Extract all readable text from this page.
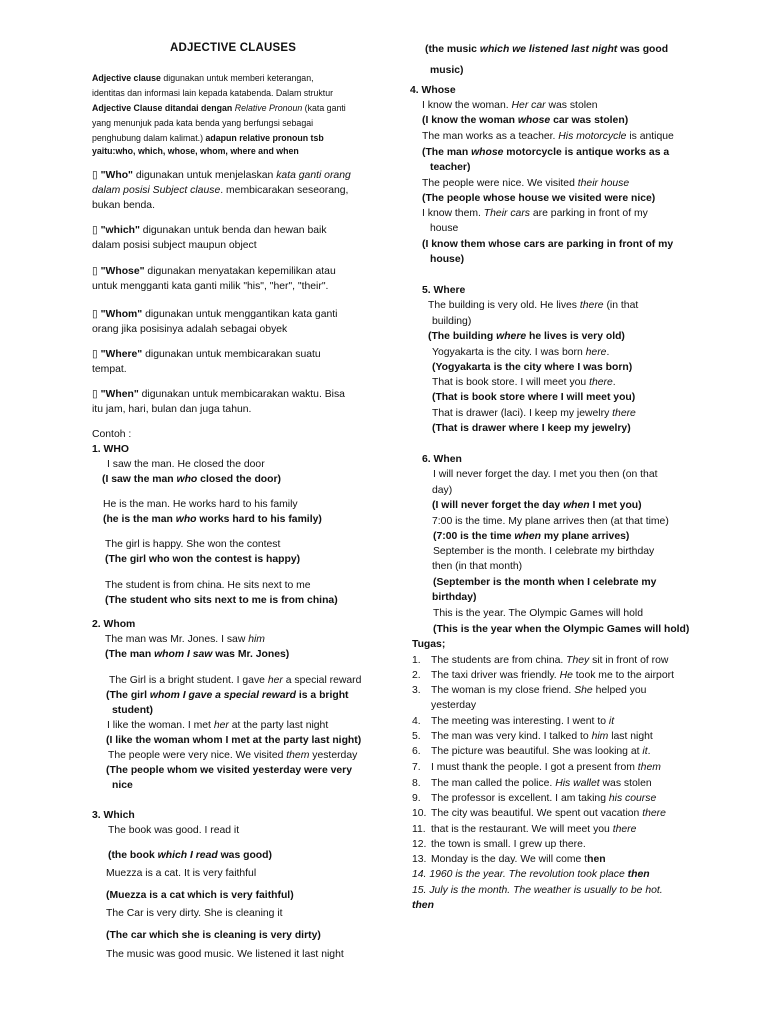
ADJECTIVE CLAUSES
Adjective clause digunakan untuk memberi keterangan,
identitas dan informasi lain kepada katabenda. Dalam struktur
Adjective Clause ditandai dengan Relative Pronoun (kata ganti
yang menunjuk pada kata benda yang berfungsi sebagai
penghubung dalam kalimat.) adapun relative pronoun tsb
yaitu:who, which, whose, whom, where and when
▯ "Who" digunakan untuk menjelaskan kata ganti orang
dalam posisi Subject clause. membicarakan seseorang,
bukan benda.
▯ "which" digunakan untuk benda dan hewan baik
dalam posisi subject maupun object
▯ "Whose" digunakan menyatakan kepemilikan atau
untuk mengganti kata ganti milik "his", "her", "their".
▯ "Whom" digunakan untuk menggantikan kata ganti
orang jika posisinya adalah sebagai obyek
▯ "Where" digunakan untuk membicarakan suatu
tempat.
▯ "When" digunakan untuk membicarakan waktu. Bisa
itu jam, hari, bulan dan juga tahun.
Contoh :
1. WHO
I saw the man. He closed the door
(I saw the man who closed the door)
He is the man. He works hard to his family
(he is the man who works hard to his family)
The girl is happy. She won the contest
(The girl who won the contest is happy)
The student is from china. He sits next to me
(The student who sits next to me is from china)
2. Whom
The man was Mr. Jones. I saw him
(The man whom I saw was Mr. Jones)
The Girl is a bright student. I gave her a special reward
(The girl whom I gave a special reward is a bright
student)
I like the woman. I met her at the party last night
(I like the woman whom I met at the party last night)
The people were very nice. We visited them yesterday
(The people whom we visited yesterday were very
nice
3. Which
The book was good. I read it
(the book which I read was good)
Muezza is a cat. It is very faithful
(Muezza is a cat which is very faithful)
The Car is very dirty. She is cleaning it
(The car which she is cleaning is very dirty)
The music was good music. We listened it last night
(the music which we listened last night was good
music)
4. Whose
I know the woman. Her car was stolen
(I know the woman whose car was stolen)
The man works as a teacher. His motorcycle is antique
(The man whose motorcycle is antique works as a
teacher)
The people were nice. We visited their house
(The people whose house we visited were nice)
I know them. Their cars are parking in front of my
house
(I know them whose cars are parking in front of my
house)
5. Where
The building is very old. He lives there (in that
building)
(The building where he lives is very old)
Yogyakarta is the city. I was born here.
(Yogyakarta is the city where I was born)
That is book store. I will meet you there.
(That is book store where I will meet you)
That is drawer (laci). I keep my jewelry there
(That is drawer where I keep my jewelry)
6. When
I will never forget the day. I met you then (on that
day)
(I will never forget the day when I met you)
7:00 is the time. My plane arrives then (at that time)
(7:00 is the time when my plane arrives)
September is the month. I celebrate my birthday
then (in that month)
(September is the month when I celebrate my
birthday)
This is the year. The Olympic Games will hold
(This is the year when the Olympic Games will hold)
Tugas;
1. The students are from china. They sit in front of row
2. The taxi driver was friendly. He took me to the airport
3. The woman is my close friend. She helped you
yesterday
4. The meeting was interesting. I went to it
5. The man was very kind. I talked to him last night
6. The picture was beautiful. She was looking at it.
7. I must thank the people. I got a present from them
8. The man called the police. His wallet was stolen
9. The professor is excellent. I am taking his course
10. The city was beautiful. We spent out vacation there
11. that is the restaurant. We will meet you there
12. the town is small. I grew up there.
13. Monday is the day. We will come then
14. 1960 is the year. The revolution took place then
15. July is the month. The weather is usually to be hot.
then
